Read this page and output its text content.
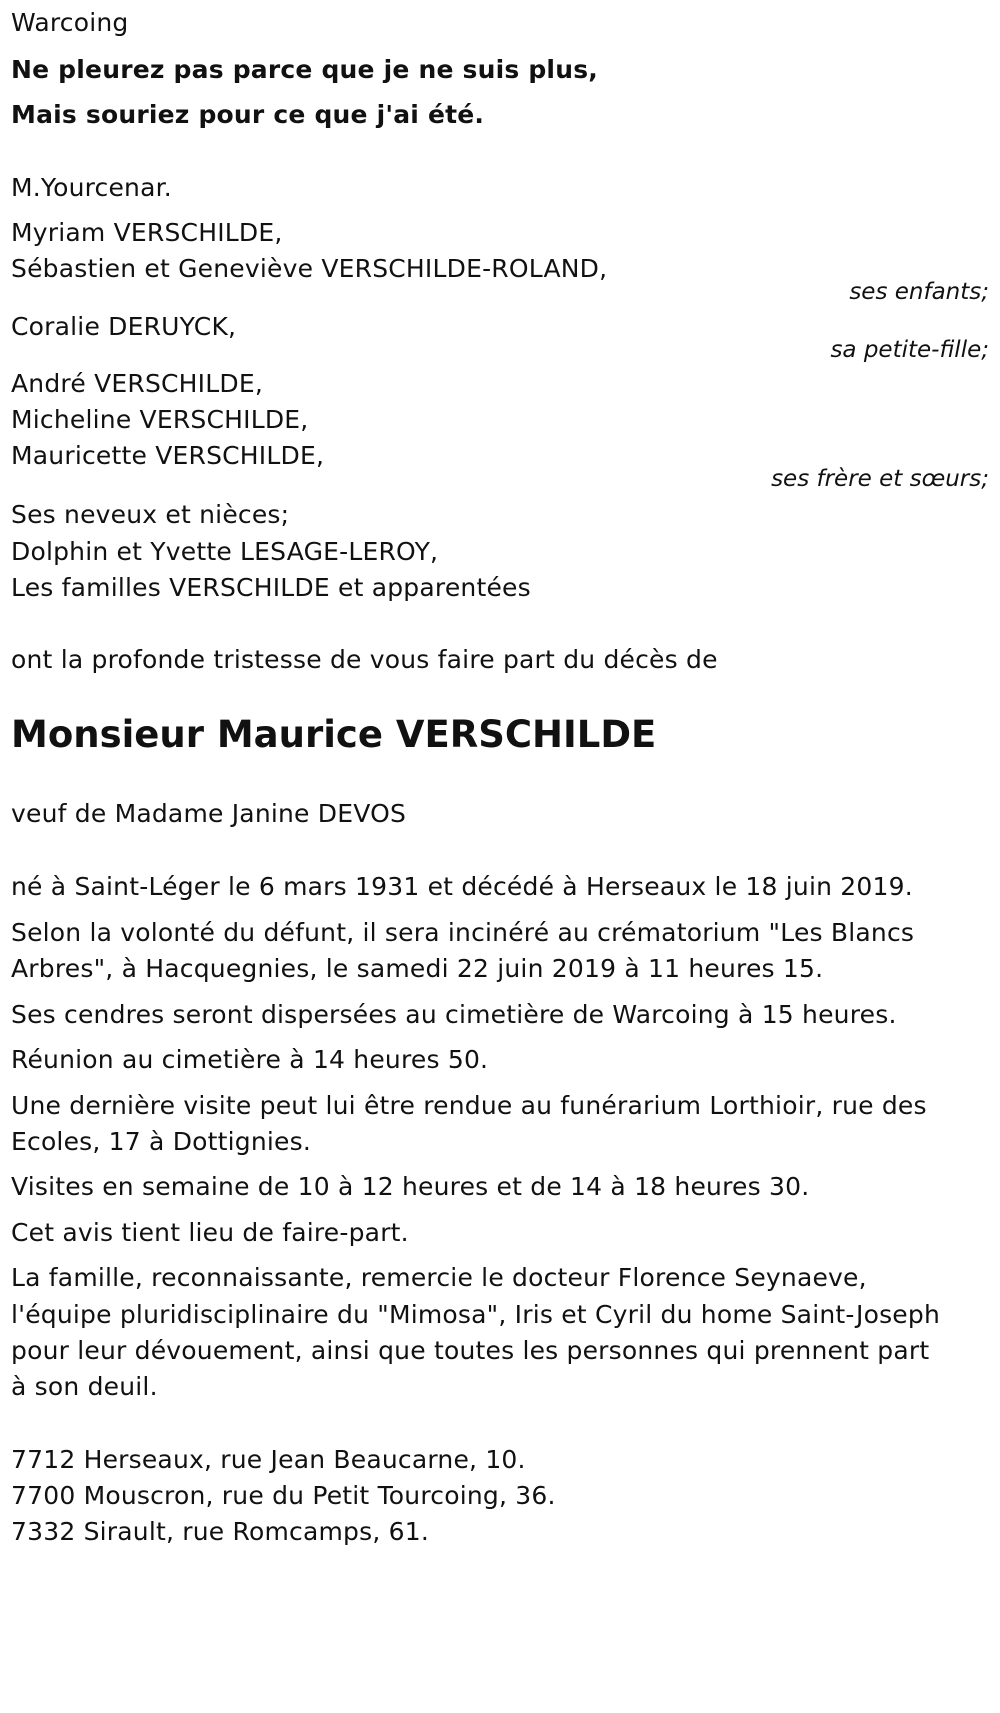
Warcoing
Ne pleurez pas parce que je ne suis plus,
Mais souriez pour ce que j'ai été.
M.Yourcenar.
Myriam VERSCHILDE,
Sébastien et Geneviève VERSCHILDE-ROLAND,
ses enfants;
Coralie DERUYCK,
sa petite-fille;
André VERSCHILDE,
Micheline VERSCHILDE,
Mauricette VERSCHILDE,
ses frère et sœurs;
Ses neveux et nièces;
Dolphin et Yvette LESAGE-LEROY,
Les familles VERSCHILDE et apparentées
ont la profonde tristesse de vous faire part du décès de
Monsieur Maurice VERSCHILDE
veuf de Madame Janine DEVOS
né à Saint-Léger le 6 mars 1931 et décédé à Herseaux le 18 juin 2019.
Selon la volonté du défunt, il sera incinéré au crématorium "Les Blancs
Arbres", à Hacquegnies, le samedi 22 juin 2019 à 11 heures 15.
Ses cendres seront dispersées au cimetière de Warcoing à 15 heures.
Réunion au cimetière à 14 heures 50.
Une dernière visite peut lui être rendue au funérarium Lorthioir, rue des
Ecoles, 17 à Dottignies.
Visites en semaine de 10 à 12 heures et de 14 à 18 heures 30.
Cet avis tient lieu de faire-part.
La famille, reconnaissante, remercie le docteur Florence Seynaeve,
l'équipe pluridisciplinaire du "Mimosa", Iris et Cyril du home Saint-Joseph
pour leur dévouement, ainsi que toutes les personnes qui prennent part
à son deuil.
7712 Herseaux, rue Jean Beaucarne, 10.
7700 Mouscron, rue du Petit Tourcoing, 36.
7332 Sirault, rue Romcamps, 61.
